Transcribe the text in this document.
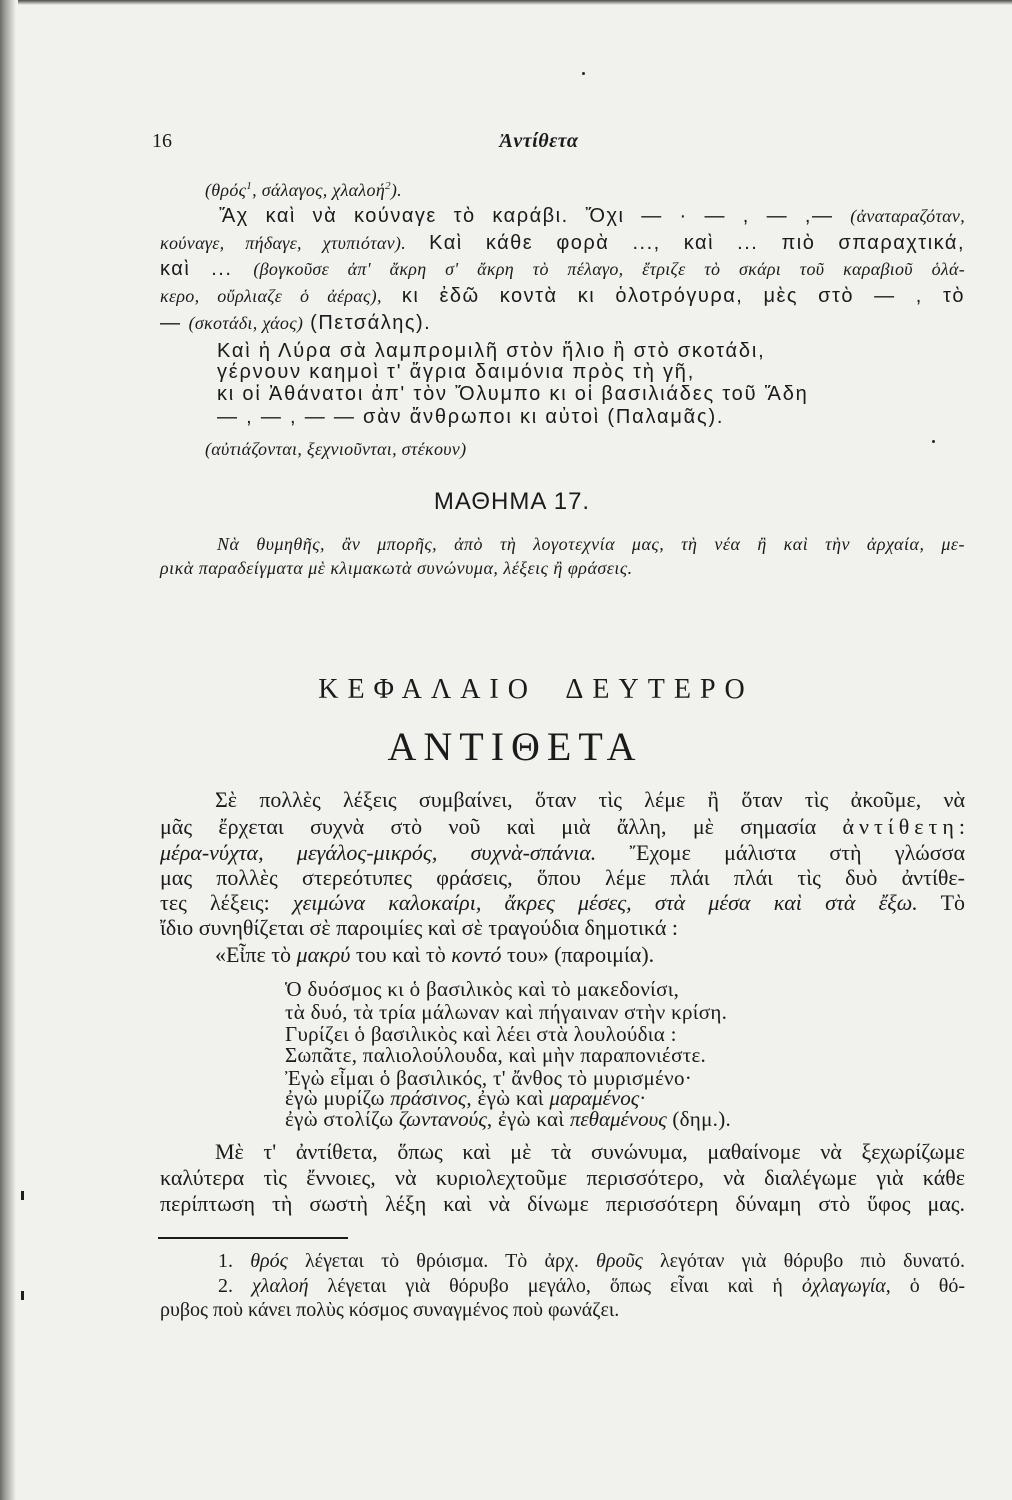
16	Ἀντίθετα
(θρός$^1$, σάλαγος, χλαλοή$^2$).
Ἄχ καὶ νὰ κούναγε τὸ καράβι. Ὄχι — · — , — ,— (ἀναταραζόταν,
κούναγε, πήδαγε, χτυπιόταν). Καὶ κάθε φορὰ ..., καὶ ... πιὸ σπαραχτικά,
καὶ ... (βογκοῦσε ἀπ' ἄκρη σ' ἄκρη τὸ πέλαγο, ἔτριζε τὸ σκάρι τοῦ καραβιοῦ ὁλά-
κερο, οὔρλιαζε ὁ ἀέρας), κι ἐδῶ κοντὰ κι ὁλοτρόγυρα, μὲς στὸ — , τὸ
— (σκοτάδι, χάος) (Πετσάλης).
Καὶ ἡ Λύρα σὰ λαμπρομιλῆ στὸν ἥλιο ἢ στὸ σκοτάδι,
γέρνουν καημοὶ τ' ἄγρια δαιμόνια πρὸς τὴ γῆ,
κι οἱ Ἀθάνατοι ἀπ' τὸν Ὄλυμπο κι οἱ βασιλιάδες τοῦ Ἅδη
— , — , — — σὰν ἄνθρωποι κι αὐτοὶ (Παλαμᾶς).
(αὐτιάζονται, ξεχνιοῦνται, στέκουν)
ΜΑΘΗΜΑ 17.
Νὰ θυμηθῆς, ἂν μπορῆς, ἀπὸ τὴ λογοτεχνία μας, τὴ νέα ἢ καὶ τὴν ἀρχαία, με-
ρικὰ παραδείγματα μὲ κλιμακωτὰ συνώνυμα, λέξεις ἢ φράσεις.
ΚΕΦΑΛΑΙΟ ΔΕΥΤΕΡΟ
ΑΝΤΙΘΕΤΑ
Σὲ πολλὲς λέξεις συμβαίνει, ὅταν τὶς λέμε ἢ ὅταν τὶς ἀκοῦμε, νὰ
μᾶς ἔρχεται συχνὰ στὸ νοῦ καὶ μιὰ ἄλλη, μὲ σημασία ἀντίθετη:
μέρα-νύχτα, μεγάλος-μικρός, συχνὰ-σπάνια. Ἔχομε μάλιστα στὴ γλώσσα
μας πολλὲς στερεότυπες φράσεις, ὅπου λέμε πλάι πλάι τὶς δυὸ ἀντίθε-
τες λέξεις: χειμώνα καλοκαίρι, ἄκρες μέσες, στὰ μέσα καὶ στὰ ἔξω. Τὸ
ἴδιο συνηθίζεται σὲ παροιμίες καὶ σὲ τραγούδια δημοτικά :
«Εἶπε τὸ μακρύ του καὶ τὸ κοντό του» (παροιμία).
Ὁ δυόσμος κι ὁ βασιλικὸς καὶ τὸ μακεδονίσι,
τὰ δυό, τὰ τρία μάλωναν καὶ πήγαιναν στὴν κρίση.
Γυρίζει ὁ βασιλικὸς καὶ λέει στὰ λουλούδια :
Σωπᾶτε, παλιολούλουδα, καὶ μὴν παραπονιέστε.
Ἐγὼ εἶμαι ὁ βασιλικός, τ' ἄνθος τὸ μυρισμένο·
ἐγὼ μυρίζω πράσινος, ἐγὼ καὶ μαραμένος·
ἐγὼ στολίζω ζωντανούς, ἐγὼ καὶ πεθαμένους (δημ.).
Μὲ τ' ἀντίθετα, ὅπως καὶ μὲ τὰ συνώνυμα, μαθαίνομε νὰ ξεχωρίζωμε
καλύτερα τὶς ἔννοιες, νὰ κυριολεχτοῦμε περισσότερο, νὰ διαλέγωμε γιὰ κάθε
περίπτωση τὴ σωστὴ λέξη καὶ νὰ δίνωμε περισσότερη δύναμη στὸ ὕφος μας.
1. θρός λέγεται τὸ θρόισμα. Τὸ ἀρχ. θροῦς λεγόταν γιὰ θόρυβο πιὸ δυνατό.
2. χλαλοή λέγεται γιὰ θόρυβο μεγάλο, ὅπως εἶναι καὶ ἡ ὀχλαγωγία, ὁ θό-
ρυβος ποὺ κάνει πολὺς κόσμος συναγμένος ποὺ φωνάζει.
